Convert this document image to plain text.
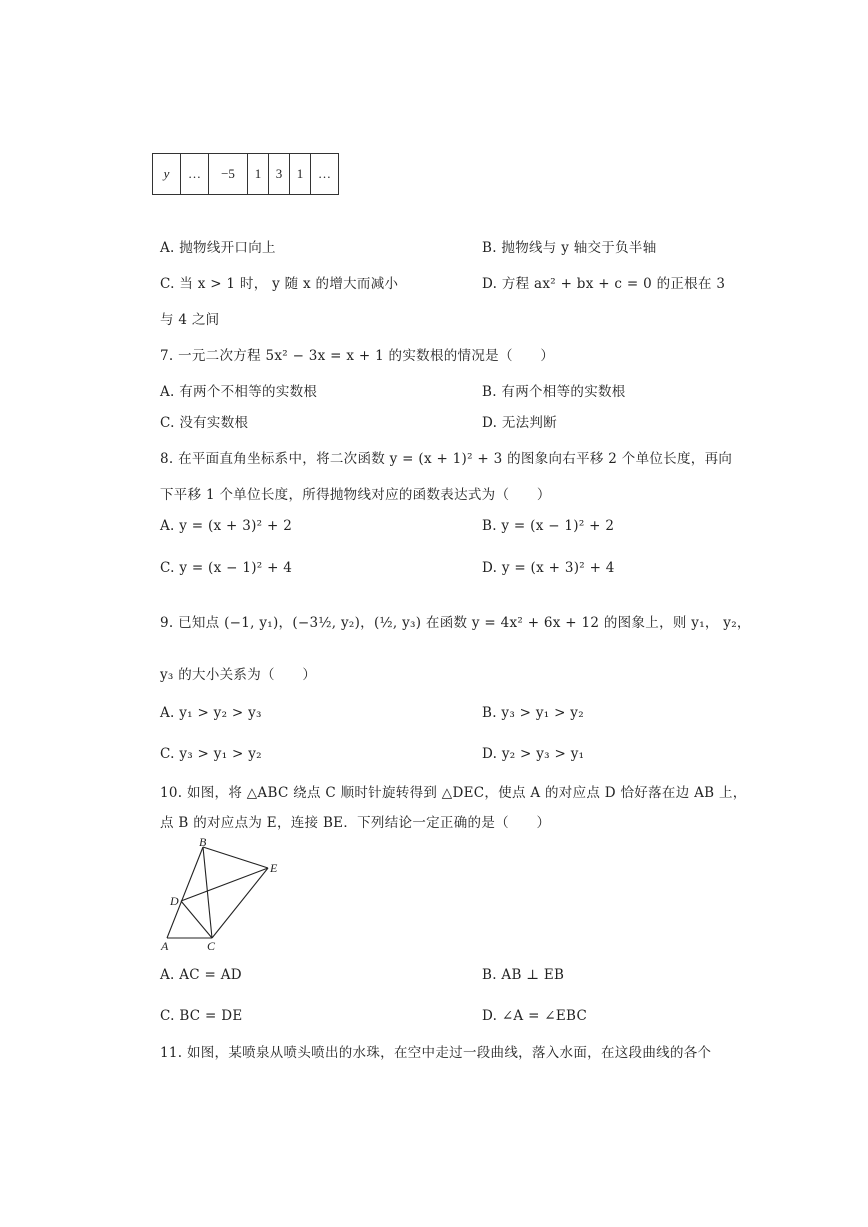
y	…	−5	1	3	1	…
A. 抛物线开口向上	B. 抛物线与 y 轴交于负半轴
C. 当 x > 1 时， y 随 x 的增大而减小	D. 方程 ax² + bx + c = 0 的正根在 3
与 4 之间
7. 一元二次方程 5x² − 3x = x + 1 的实数根的情况是（　　）
A. 有两个不相等的实数根	B. 有两个相等的实数根
C. 没有实数根	D. 无法判断
8. 在平面直角坐标系中，将二次函数 y = (x + 1)² + 3 的图象向右平移 2 个单位长度，再向
下平移 1 个单位长度，所得抛物线对应的函数表达式为（　　）
A. y = (x + 3)² + 2	B. y = (x − 1)² + 2
C. y = (x − 1)² + 4	D. y = (x + 3)² + 4
9. 已知点 (−1, y₁)，(−3½, y₂)，(½, y₃) 在函数 y = 4x² + 6x + 12 的图象上，则 y₁， y₂，
y₃ 的大小关系为（　　）
A. y₁ > y₂ > y₃	B. y₃ > y₁ > y₂
C. y₃ > y₁ > y₂	D. y₂ > y₃ > y₁
10. 如图，将 △ABC 绕点 C 顺时针旋转得到 △DEC，使点 A 的对应点 D 恰好落在边 AB 上，
点 B 的对应点为 E，连接 BE．下列结论一定正确的是（　　）
B
E
D
A	C
A. AC = AD	B. AB ⊥ EB
C. BC = DE	D. ∠A = ∠EBC
11. 如图，某喷泉从喷头喷出的水珠，在空中走过一段曲线，落入水面，在这段曲线的各个
